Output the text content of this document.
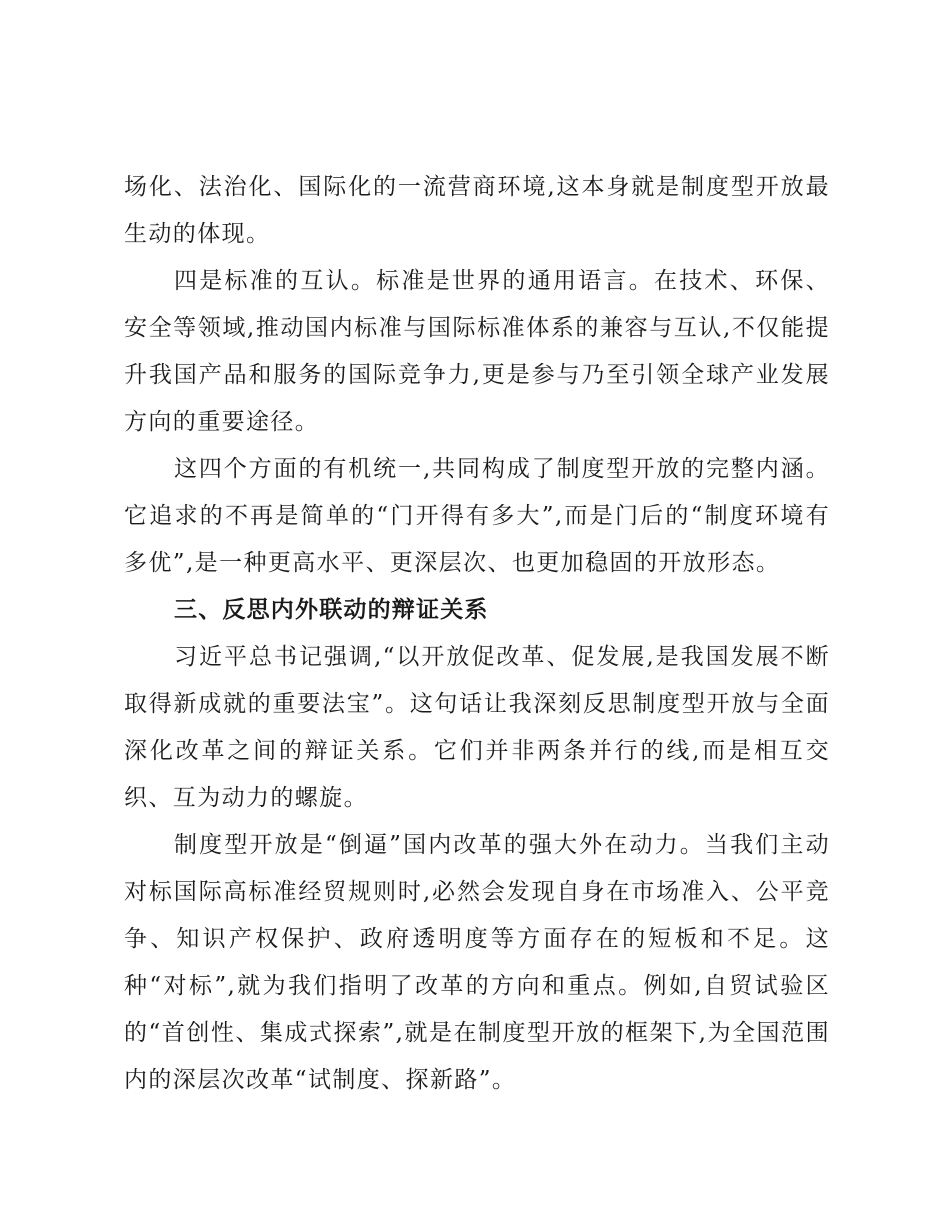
场化、法治化、国际化的一流营商环境,这本身就是制度型开放最生动的体现。

四是标准的互认。标准是世界的通用语言。在技术、环保、安全等领域,推动国内标准与国际标准体系的兼容与互认,不仅能提升我国产品和服务的国际竞争力,更是参与乃至引领全球产业发展方向的重要途径。

这四个方面的有机统一,共同构成了制度型开放的完整内涵。它追求的不再是简单的“门开得有多大”,而是门后的“制度环境有多优”,是一种更高水平、更深层次、也更加稳固的开放形态。

三、反思内外联动的辩证关系

习近平总书记强调,“以开放促改革、促发展,是我国发展不断取得新成就的重要法宝”。这句话让我深刻反思制度型开放与全面深化改革之间的辩证关系。它们并非两条并行的线,而是相互交织、互为动力的螺旋。

制度型开放是“倒逼”国内改革的强大外在动力。当我们主动对标国际高标准经贸规则时,必然会发现自身在市场准入、公平竞争、知识产权保护、政府透明度等方面存在的短板和不足。这种“对标”,就为我们指明了改革的方向和重点。例如,自贸试验区的“首创性、集成式探索”,就是在制度型开放的框架下,为全国范围内的深层次改革“试制度、探新路”。
